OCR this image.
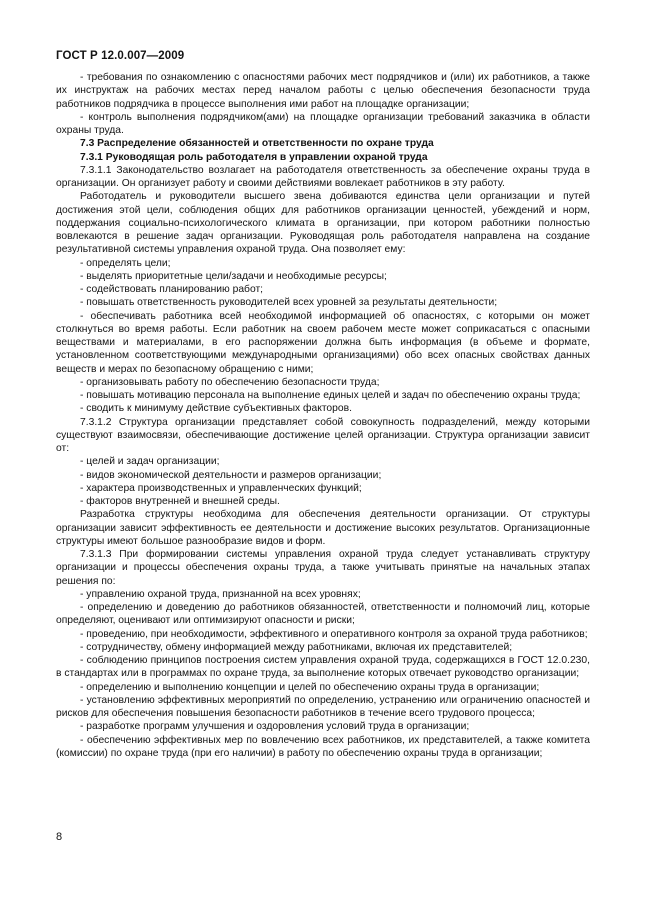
ГОСТ Р 12.0.007—2009

- требования по ознакомлению с опасностями рабочих мест подрядчиков и (или) их работников, а также их инструктаж на рабочих местах перед началом работы с целью обеспечения безопасности труда работников подрядчика в процессе выполнения ими работ на площадке организации;

- контроль выполнения подрядчиком(ами) на площадке организации требований заказчика в области охраны труда.

7.3 Распределение обязанностей и ответственности по охране труда

7.3.1 Руководящая роль работодателя в управлении охраной труда

7.3.1.1 Законодательство возлагает на работодателя ответственность за обеспечение охраны труда в организации. Он организует работу и своими действиями вовлекает работников в эту работу.

Работодатель и руководители высшего звена добиваются единства цели организации и путей достижения этой цели, соблюдения общих для работников организации ценностей, убеждений и норм, поддержания социально-психологического климата в организации, при котором работники полностью вовлекаются в решение задач организации. Руководящая роль работодателя направлена на создание результативной системы управления охраной труда. Она позволяет ему:

- определять цели;

- выделять приоритетные цели/задачи и необходимые ресурсы;

- содействовать планированию работ;

- повышать ответственность руководителей всех уровней за результаты деятельности;

- обеспечивать работника всей необходимой информацией об опасностях, с которыми он может столкнуться во время работы. Если работник на своем рабочем месте может соприкасаться с опасными веществами и материалами, в его распоряжении должна быть информация (в объеме и формате, установленном соответствующими международными организациями) обо всех опасных свойствах данных веществ и мерах по безопасному обращению с ними;

- организовывать работу по обеспечению безопасности труда;

- повышать мотивацию персонала на выполнение единых целей и задач по обеспечению охраны труда;

- сводить к минимуму действие субъективных факторов.

7.3.1.2 Структура организации представляет собой совокупность подразделений, между которыми существуют взаимосвязи, обеспечивающие достижение целей организации. Структура организации зависит от:

- целей и задач организации;

- видов экономической деятельности и размеров организации;

- характера производственных и управленческих функций;

- факторов внутренней и внешней среды.

Разработка структуры необходима для обеспечения деятельности организации. От структуры организации зависит эффективность ее деятельности и достижение высоких результатов. Организационные структуры имеют большое разнообразие видов и форм.

7.3.1.3 При формировании системы управления охраной труда следует устанавливать структуру организации и процессы обеспечения охраны труда, а также учитывать принятые на начальных этапах решения по:

- управлению охраной труда, признанной на всех уровнях;

- определению и доведению до работников обязанностей, ответственности и полномочий лиц, которые определяют, оценивают или оптимизируют опасности и риски;

- проведению, при необходимости, эффективного и оперативного контроля за охраной труда работников;

- сотрудничеству, обмену информацией между работниками, включая их представителей;

- соблюдению принципов построения систем управления охраной труда, содержащихся в ГОСТ 12.0.230, в стандартах или в программах по охране труда, за выполнение которых отвечает руководство организации;

- определению и выполнению концепции и целей по обеспечению охраны труда в организации;

- установлению эффективных мероприятий по определению, устранению или ограничению опасностей и рисков для обеспечения повышения безопасности работников в течение всего трудового процесса;

- разработке программ улучшения и оздоровления условий труда в организации;

- обеспечению эффективных мер по вовлечению всех работников, их представителей, а также комитета (комиссии) по охране труда (при его наличии) в работу по обеспечению охраны труда в организации;

8
